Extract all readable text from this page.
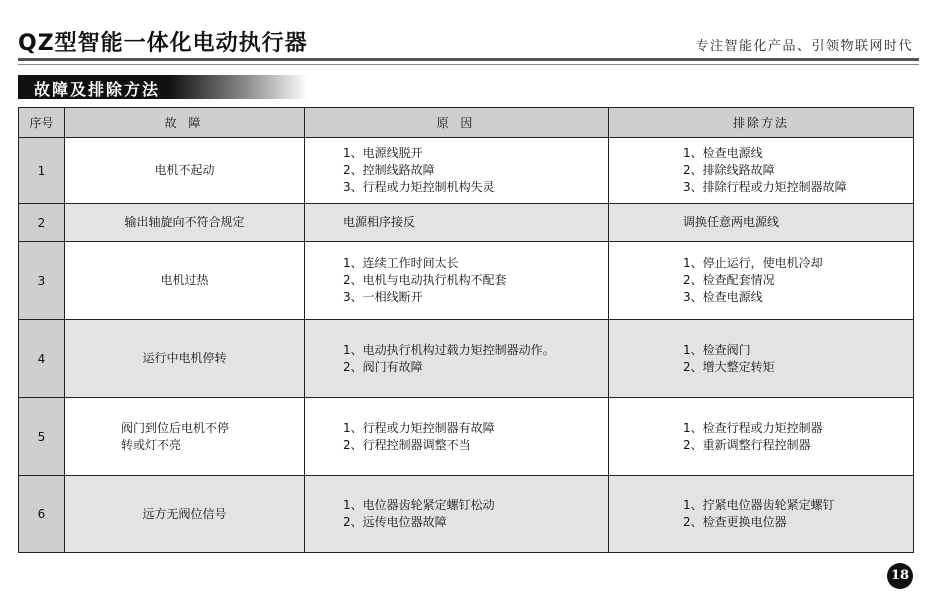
QZ型智能一体化电动执行器	专注智能化产品、引领物联网时代
故障及排除方法
序号	故 障	原 因	排除方法
1	电机不起动	1、电源线脱开
2、控制线路故障
3、行程或力矩控制机构失灵	1、检查电源线
2、排除线路故障
3、排除行程或力矩控制器故障

2	输出轴旋向不符合规定	电源相序接反	调换任意两电源线

3	电机过热	1、连续工作时间太长
2、电机与电动执行机构不配套
3、一相线断开	1、停止运行，使电机冷却
2、检查配套情况
3、检查电源线

4	运行中电机停转	1、电动执行机构过载力矩控制器动作。
2、阀门有故障	1、检查阀门
2、增大整定转矩

5	阀门到位后电机不停
转或灯不亮	1、行程或力矩控制器有故障
2、行程控制器调整不当	1、检查行程或力矩控制器
2、重新调整行程控制器

6	远方无阀位信号	1、电位器齿轮紧定螺钉松动
2、远传电位器故障	1、拧紧电位器齿轮紧定螺钉
2、检查更换电位器
18
